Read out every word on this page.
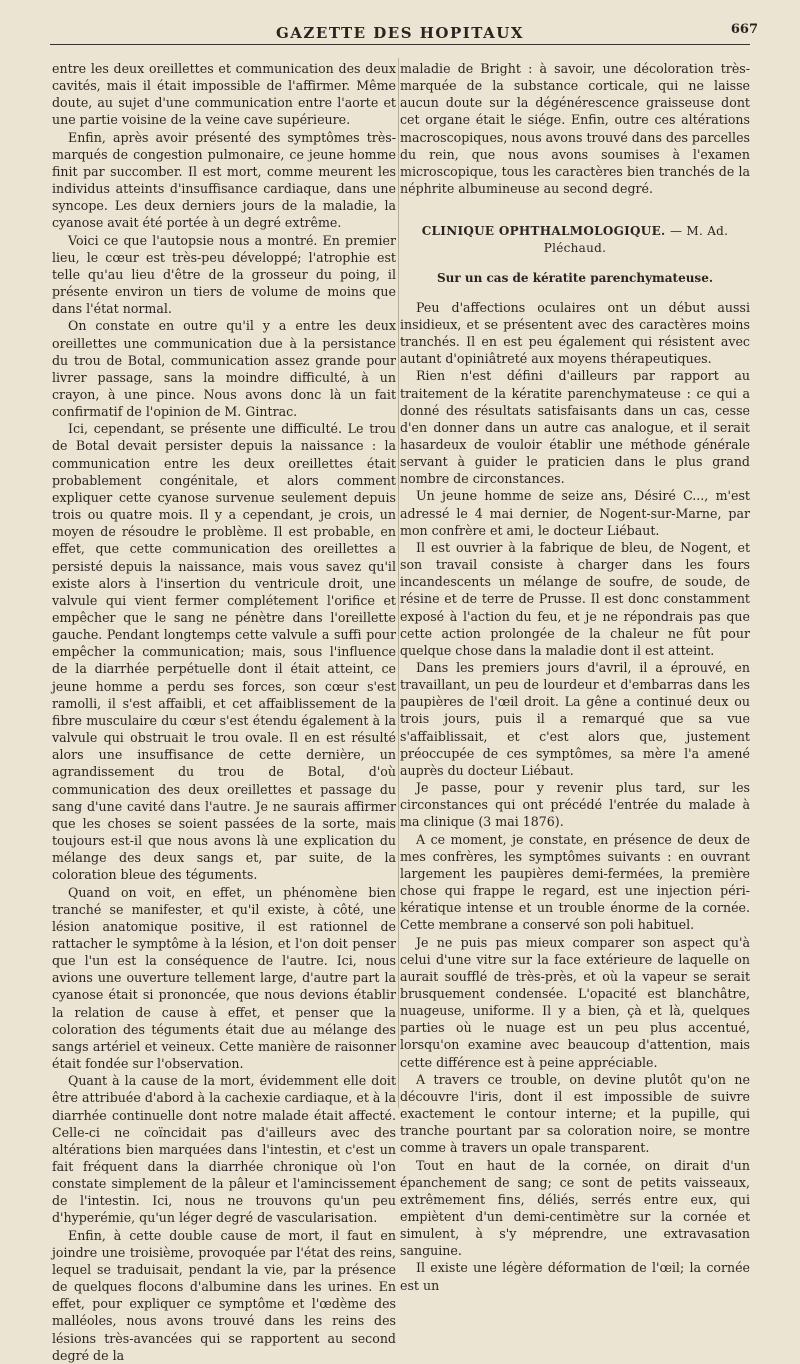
GAZETTE DES HOPITAUX	667

entre les deux oreillettes et communication des deux cavités, mais il était impossible de l'affirmer. Même doute, au sujet d'une communication entre l'aorte et une partie voisine de la veine cave supérieure.

Enfin, après avoir présenté des symptômes très-marqués de congestion pulmonaire, ce jeune homme finit par succomber. Il est mort, comme meurent les individus atteints d'insuffisance cardiaque, dans une syncope. Les deux derniers jours de la maladie, la cyanose avait été portée à un degré extrême.

Voici ce que l'autopsie nous a montré. En premier lieu, le cœur est très-peu développé; l'atrophie est telle qu'au lieu d'être de la grosseur du poing, il présente environ un tiers de volume de moins que dans l'état normal.

On constate en outre qu'il y a entre les deux oreillettes une communication due à la persistance du trou de Botal, communication assez grande pour livrer passage, sans la moindre difficulté, à un crayon, à une pince. Nous avons donc là un fait confirmatif de l'opinion de M. Gintrac.

Ici, cependant, se présente une difficulté. Le trou de Botal devait persister depuis la naissance : la communication entre les deux oreillettes était probablement congénitale, et alors comment expliquer cette cyanose survenue seulement depuis trois ou quatre mois. Il y a cependant, je crois, un moyen de résoudre le problème. Il est probable, en effet, que cette communication des oreillettes a persisté depuis la naissance, mais vous savez qu'il existe alors à l'insertion du ventricule droit, une valvule qui vient fermer complétement l'orifice et empêcher que le sang ne pénètre dans l'oreillette gauche. Pendant longtemps cette valvule a suffi pour empêcher la communication; mais, sous l'influence de la diarrhée perpétuelle dont il était atteint, ce jeune homme a perdu ses forces, son cœur s'est ramolli, il s'est affaibli, et cet affaiblissement de la fibre musculaire du cœur s'est étendu également à la valvule qui obstruait le trou ovale. Il en est résulté alors une insuffisance de cette dernière, un agrandissement du trou de Botal, d'où communication des deux oreillettes et passage du sang d'une cavité dans l'autre. Je ne saurais affirmer que les choses se soient passées de la sorte, mais toujours est-il que nous avons là une explication du mélange des deux sangs et, par suite, de la coloration bleue des téguments.

Quand on voit, en effet, un phénomène bien tranché se manifester, et qu'il existe, à côté, une lésion anatomique positive, il est rationnel de rattacher le symptôme à la lésion, et l'on doit penser que l'un est la conséquence de l'autre. Ici, nous avions une ouverture tellement large, d'autre part la cyanose était si prononcée, que nous devions établir la relation de cause à effet, et penser que la coloration des téguments était due au mélange des sangs artériel et veineux. Cette manière de raisonner était fondée sur l'observation.

Quant à la cause de la mort, évidemment elle doit être attribuée d'abord à la cachexie cardiaque, et à la diarrhée continuelle dont notre malade était affecté. Celle-ci ne coïncidait pas d'ailleurs avec des altérations bien marquées dans l'intestin, et c'est un fait fréquent dans la diarrhée chronique où l'on constate simplement de la pâleur et l'amincissement de l'intestin. Ici, nous ne trouvons qu'un peu d'hyperémie, qu'un léger degré de vascularisation.

Enfin, à cette double cause de mort, il faut en joindre une troisième, provoquée par l'état des reins, lequel se traduisait, pendant la vie, par la présence de quelques flocons d'albumine dans les urines. En effet, pour expliquer ce symptôme et l'œdème des malléoles, nous avons trouvé dans les reins des lésions très-avancées qui se rapportent au second degré de la

maladie de Bright : à savoir, une décoloration très-marquée de la substance corticale, qui ne laisse aucun doute sur la dégénérescence graisseuse dont cet organe était le siége. Enfin, outre ces altérations macroscopiques, nous avons trouvé dans des parcelles du rein, que nous avons soumises à l'examen microscopique, tous les caractères bien tranchés de la néphrite albumineuse au second degré.

CLINIQUE OPHTHALMOLOGIQUE. — M. Ad. Pléchaud.
Sur un cas de kératite parenchymateuse.

Peu d'affections oculaires ont un début aussi insidieux, et se présentent avec des caractères moins tranchés. Il en est peu également qui résistent avec autant d'opiniâtreté aux moyens thérapeutiques.

Rien n'est défini d'ailleurs par rapport au traitement de la kératite parenchymateuse : ce qui a donné des résultats satisfaisants dans un cas, cesse d'en donner dans un autre cas analogue, et il serait hasardeux de vouloir établir une méthode générale servant à guider le praticien dans le plus grand nombre de circonstances.

Un jeune homme de seize ans, Désiré C..., m'est adressé le 4 mai dernier, de Nogent-sur-Marne, par mon confrère et ami, le docteur Liébaut.

Il est ouvrier à la fabrique de bleu, de Nogent, et son travail consiste à charger dans les fours incandescents un mélange de soufre, de soude, de résine et de terre de Prusse. Il est donc constamment exposé à l'action du feu, et je ne répondrais pas que cette action prolongée de la chaleur ne fût pour quelque chose dans la maladie dont il est atteint.

Dans les premiers jours d'avril, il a éprouvé, en travaillant, un peu de lourdeur et d'embarras dans les paupières de l'œil droit. La gêne a continué deux ou trois jours, puis il a remarqué que sa vue s'affaiblissait, et c'est alors que, justement préoccupée de ces symptômes, sa mère l'a amené auprès du docteur Liébaut.

Je passe, pour y revenir plus tard, sur les circonstances qui ont précédé l'entrée du malade à ma clinique (3 mai 1876).

A ce moment, je constate, en présence de deux de mes confrères, les symptômes suivants : en ouvrant largement les paupières demi-fermées, la première chose qui frappe le regard, est une injection péri-kératique intense et un trouble énorme de la cornée. Cette membrane a conservé son poli habituel.

Je ne puis pas mieux comparer son aspect qu'à celui d'une vitre sur la face extérieure de laquelle on aurait soufflé de très-près, et où la vapeur se serait brusquement condensée. L'opacité est blanchâtre, nuageuse, uniforme. Il y a bien, çà et là, quelques parties où le nuage est un peu plus accentué, lorsqu'on examine avec beaucoup d'attention, mais cette différence est à peine appréciable.

A travers ce trouble, on devine plutôt qu'on ne découvre l'iris, dont il est impossible de suivre exactement le contour interne; et la pupille, qui tranche pourtant par sa coloration noire, se montre comme à travers un opale transparent.

Tout en haut de la cornée, on dirait d'un épanchement de sang; ce sont de petits vaisseaux, extrêmement fins, déliés, serrés entre eux, qui empiètent d'un demi-centimètre sur la cornée et simulent, à s'y méprendre, une extravasation sanguine.

Il existe une légère déformation de l'œil; la cornée est un
